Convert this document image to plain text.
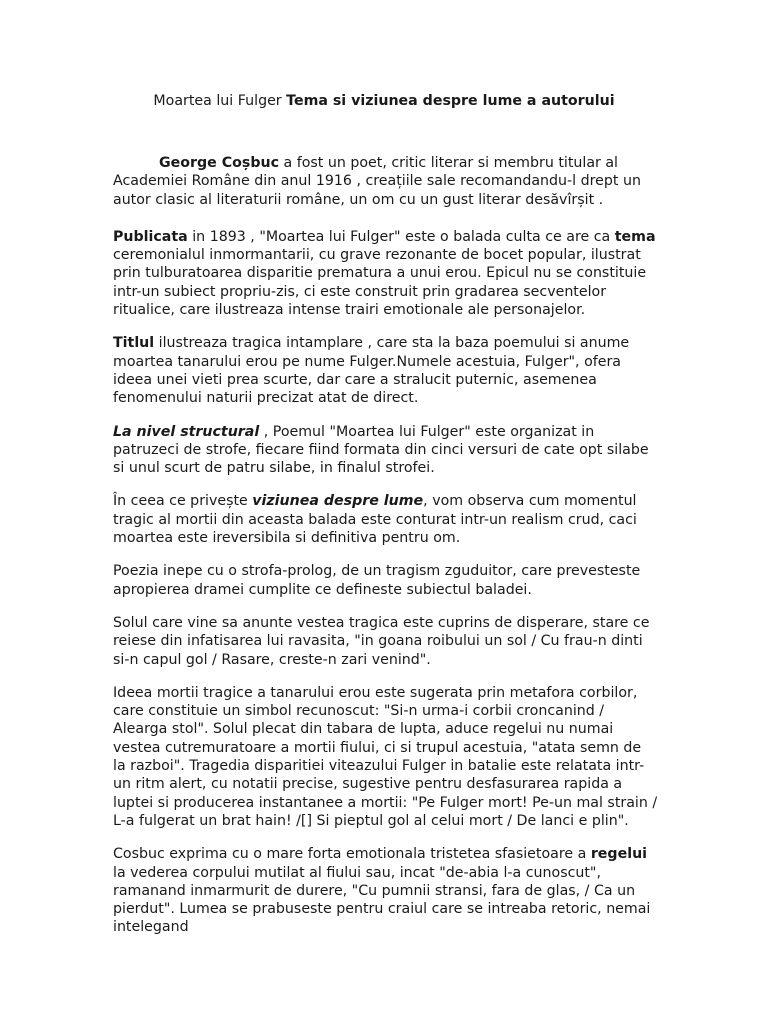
Moartea lui Fulger Tema si viziunea despre lume a autorului

George Coșbuc a fost un poet, critic literar si membru titular al Academiei Române din anul 1916 , creațiile sale recomandandu-l drept un autor clasic al literaturii române, un om cu un gust literar desăvîrșit .

Publicata in 1893 , "Moartea lui Fulger" este o balada culta ce are ca tema ceremonialul inmormantarii, cu grave rezonante de bocet popular, ilustrat prin tulburatoarea disparitie prematura a unui erou. Epicul nu se constituie intr-un subiect propriu-zis, ci este construit prin gradarea secventelor ritualice, care ilustreaza intense trairi emotionale ale personajelor.

Titlul ilustreaza tragica intamplare , care sta la baza poemului si anume moartea tanarului erou pe nume Fulger.Numele acestuia, Fulger", ofera ideea unei vieti prea scurte, dar care a stralucit puternic, asemenea fenomenului naturii precizat atat de direct.

La nivel structural , Poemul "Moartea lui Fulger" este organizat in patruzeci de strofe, fiecare fiind formata din cinci versuri de cate opt silabe si unul scurt de patru silabe, in finalul strofei.

În ceea ce privește viziunea despre lume, vom observa cum momentul tragic al mortii din aceasta balada este conturat intr-un realism crud, caci moartea este ireversibila si definitiva pentru om.

Poezia inepe cu o strofa-prolog, de un tragism zguduitor, care prevesteste apropierea dramei cumplite ce defineste subiectul baladei.

Solul care vine sa anunte vestea tragica este cuprins de disperare, stare ce reiese din infatisarea lui ravasita, "in goana roibului un sol / Cu frau-n dinti si-n capul gol / Rasare, creste-n zari venind".

Ideea mortii tragice a tanarului erou este sugerata prin metafora corbilor, care constituie un simbol recunoscut: "Si-n urma-i corbii croncanind / Alearga stol". Solul plecat din tabara de lupta, aduce regelui nu numai vestea cutremuratoare a mortii fiului, ci si trupul acestuia, "atata semn de la razboi". Tragedia disparitiei viteazului Fulger in batalie este relatata intr-un ritm alert, cu notatii precise, sugestive pentru desfasurarea rapida a luptei si producerea instantanee a mortii: "Pe Fulger mort! Pe-un mal strain / L-a fulgerat un brat hain! /[] Si pieptul gol al celui mort / De lanci e plin".

Cosbuc exprima cu o mare forta emotionala tristetea sfasietoare a regelui la vederea corpului mutilat al fiului sau, incat "de-abia l-a cunoscut", ramanand inmarmurit de durere, "Cu pumnii stransi, fara de glas, / Ca un pierdut". Lumea se prabuseste pentru craiul care se intreaba retoric, nemai intelegand
